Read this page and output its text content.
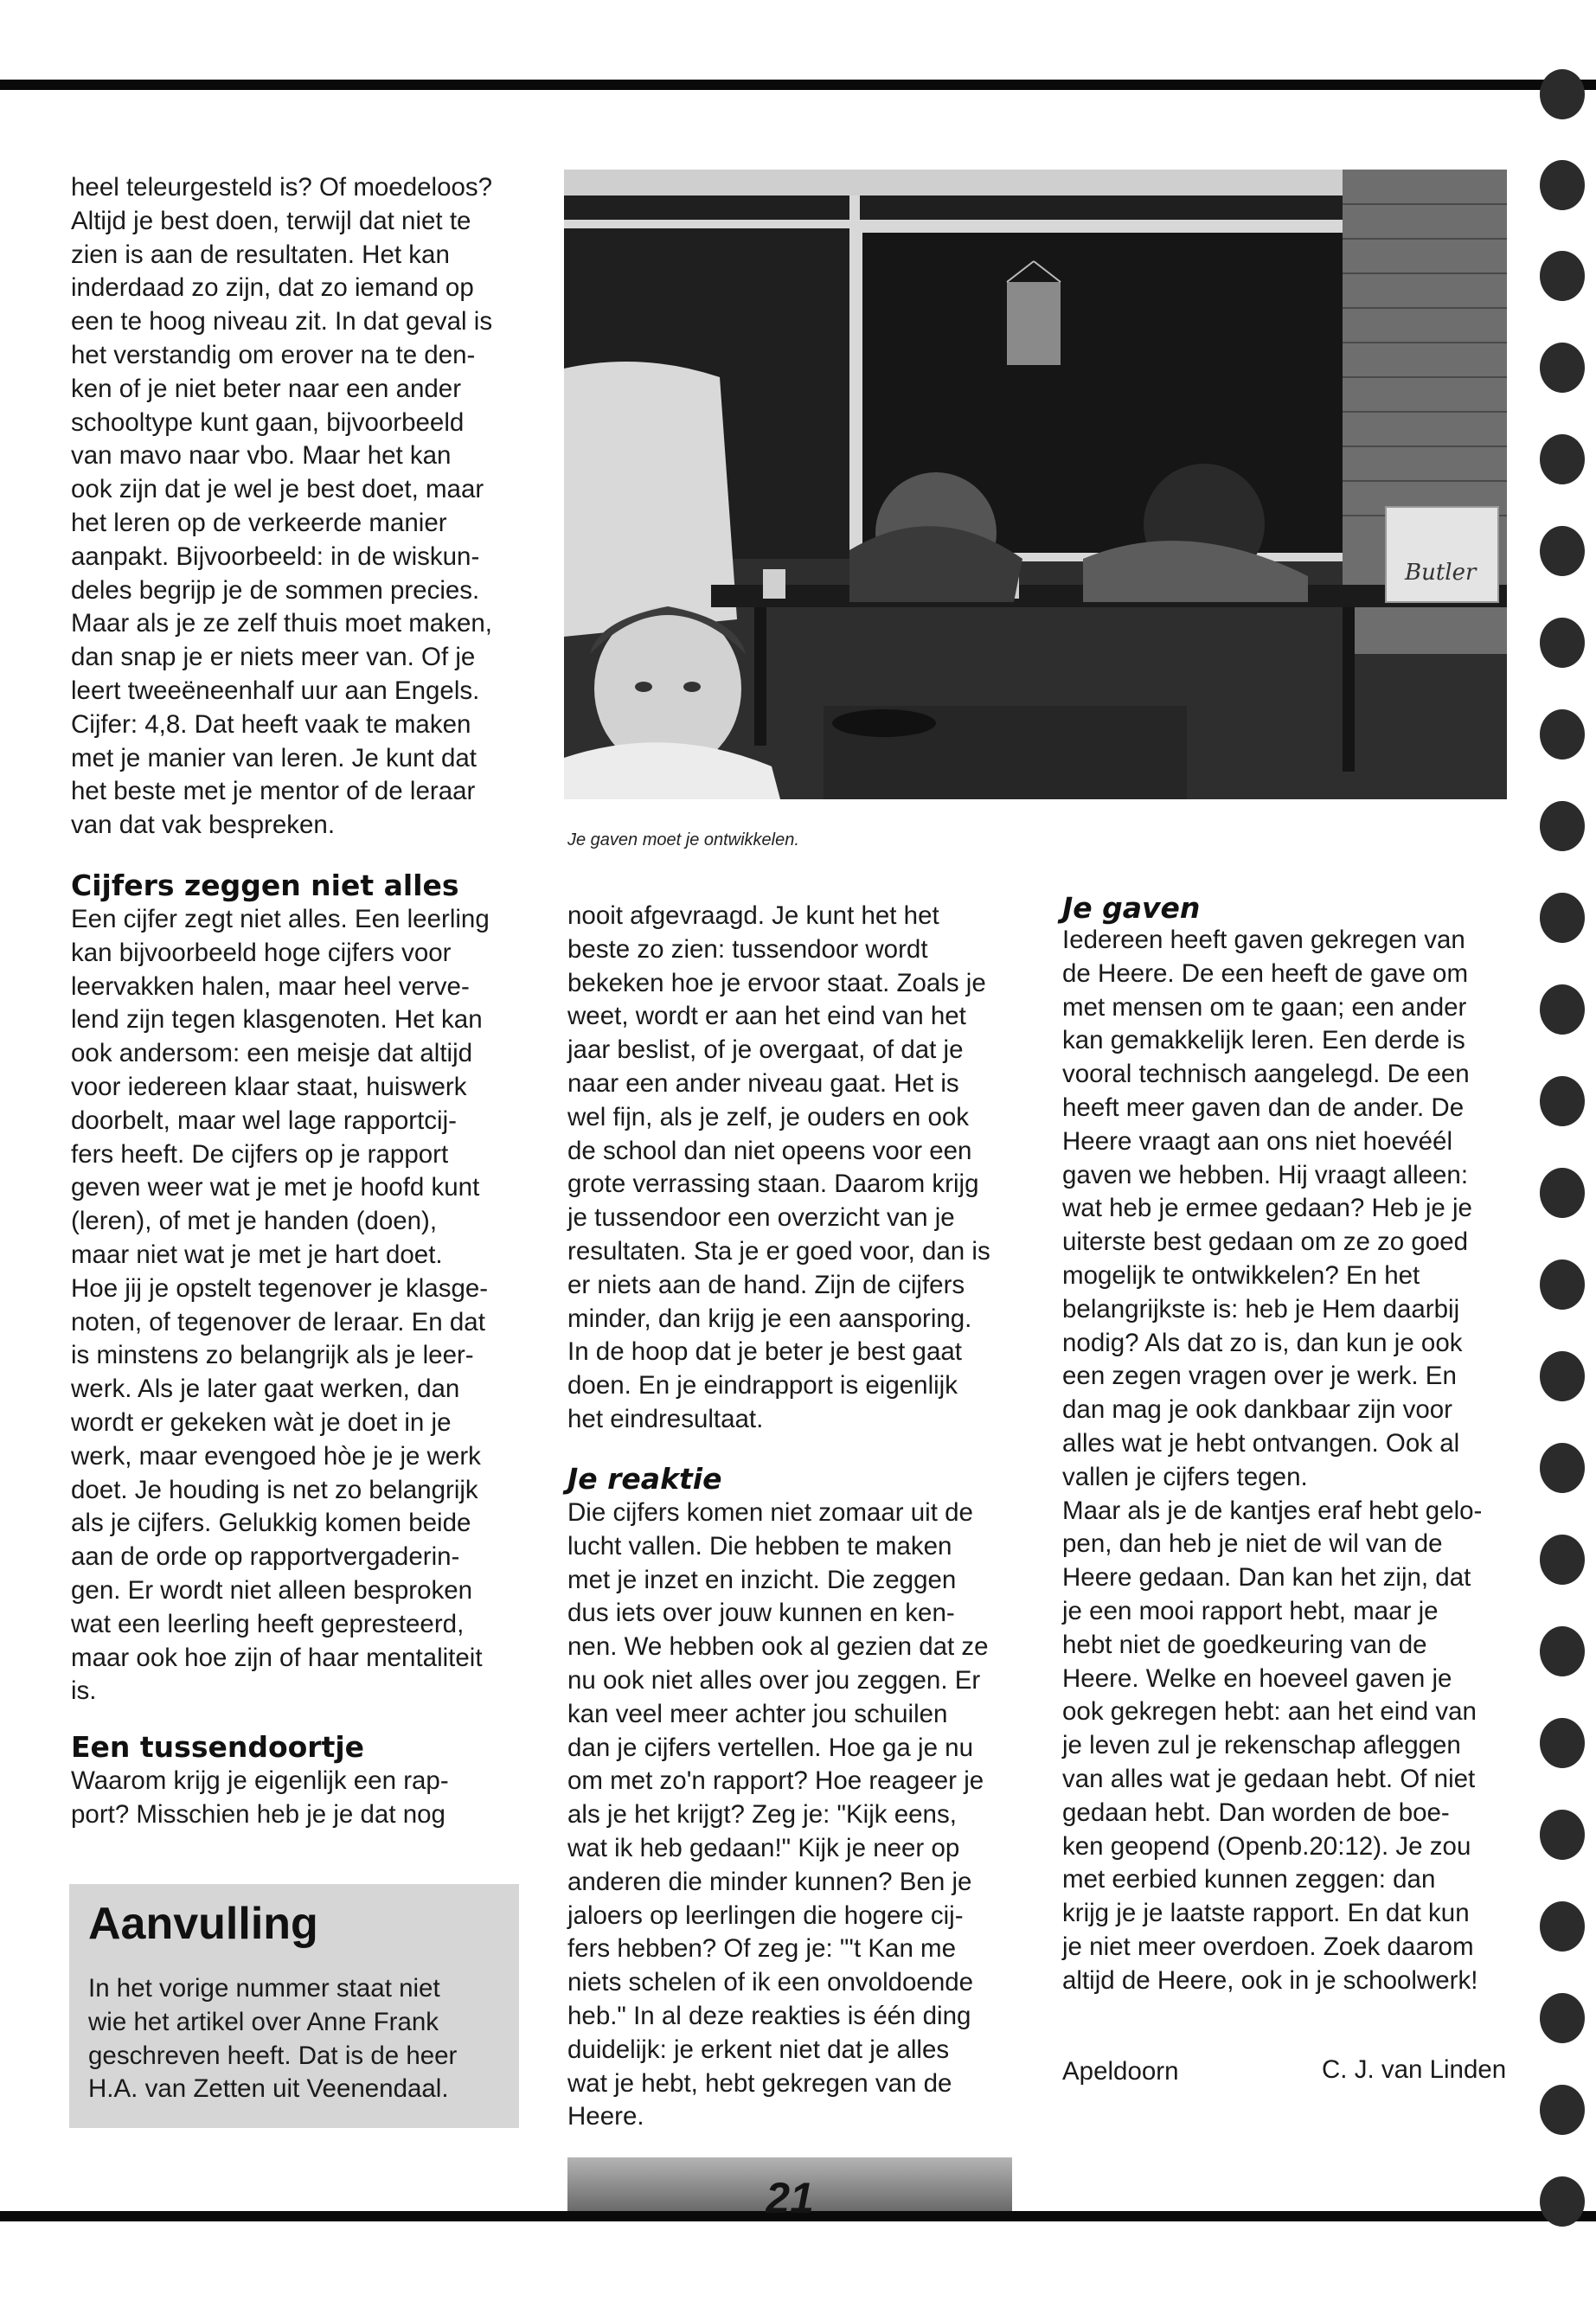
heel teleurgesteld is? Of moedeloos?
Altijd je best doen, terwijl dat niet te
zien is aan de resultaten. Het kan
inderdaad zo zijn, dat zo iemand op
een te hoog niveau zit. In dat geval is
het verstandig om erover na te den-
ken of je niet beter naar een ander
schooltype kunt gaan, bijvoorbeeld
van mavo naar vbo. Maar het kan
ook zijn dat je wel je best doet, maar
het leren op de verkeerde manier
aanpakt. Bijvoorbeeld: in de wiskun-
deles begrijp je de sommen precies.
Maar als je ze zelf thuis moet maken,
dan snap je er niets meer van. Of je
leert tweeëneenhalf uur aan Engels.
Cijfer: 4,8. Dat heeft vaak te maken
met je manier van leren. Je kunt dat
het beste met je mentor of de leraar
van dat vak bespreken.
Cijfers zeggen niet alles
Een cijfer zegt niet alles. Een leerling
kan bijvoorbeeld hoge cijfers voor
leervakken halen, maar heel verve-
lend zijn tegen klasgenoten. Het kan
ook andersom: een meisje dat altijd
voor iedereen klaar staat, huiswerk
doorbelt, maar wel lage rapportcij-
fers heeft. De cijfers op je rapport
geven weer wat je met je hoofd kunt
(leren), of met je handen (doen),
maar niet wat je met je hart doet.
Hoe jij je opstelt tegenover je klasge-
noten, of tegenover de leraar. En dat
is minstens zo belangrijk als je leer-
werk. Als je later gaat werken, dan
wordt er gekeken wàt je doet in je
werk, maar evengoed hòe je je werk
doet. Je houding is net zo belangrijk
als je cijfers. Gelukkig komen beide
aan de orde op rapportvergaderin-
gen. Er wordt niet alleen besproken
wat een leerling heeft gepresteerd,
maar ook hoe zijn of haar mentaliteit
is.
Een tussendoortje
Waarom krijg je eigenlijk een rap-
port? Misschien heb je je dat nog
Aanvulling
In het vorige nummer staat niet
wie het artikel over Anne Frank
geschreven heeft. Dat is de heer
H.A. van Zetten uit Veenendaal.
Butler
Je gaven moet je ontwikkelen.
nooit afgevraagd. Je kunt het het
beste zo zien: tussendoor wordt
bekeken hoe je ervoor staat. Zoals je
weet, wordt er aan het eind van het
jaar beslist, of je overgaat, of dat je
naar een ander niveau gaat. Het is
wel fijn, als je zelf, je ouders en ook
de school dan niet opeens voor een
grote verrassing staan. Daarom krijg
je tussendoor een overzicht van je
resultaten. Sta je er goed voor, dan is
er niets aan de hand. Zijn de cijfers
minder, dan krijg je een aansporing.
In de hoop dat je beter je best gaat
doen. En je eindrapport is eigenlijk
het eindresultaat.
Je reaktie
Die cijfers komen niet zomaar uit de
lucht vallen. Die hebben te maken
met je inzet en inzicht. Die zeggen
dus iets over jouw kunnen en ken-
nen. We hebben ook al gezien dat ze
nu ook niet alles over jou zeggen. Er
kan veel meer achter jou schuilen
dan je cijfers vertellen. Hoe ga je nu
om met zo'n rapport? Hoe reageer je
als je het krijgt? Zeg je: "Kijk eens,
wat ik heb gedaan!" Kijk je neer op
anderen die minder kunnen? Ben je
jaloers op leerlingen die hogere cij-
fers hebben? Of zeg je: "'t Kan me
niets schelen of ik een onvoldoende
heb." In al deze reakties is één ding
duidelijk: je erkent niet dat je alles
wat je hebt, hebt gekregen van de
Heere.
Je gaven
Iedereen heeft gaven gekregen van
de Heere. De een heeft de gave om
met mensen om te gaan; een ander
kan gemakkelijk leren. Een derde is
vooral technisch aangelegd. De een
heeft meer gaven dan de ander. De
Heere vraagt aan ons niet hoevéél
gaven we hebben. Hij vraagt alleen:
wat heb je ermee gedaan? Heb je je
uiterste best gedaan om ze zo goed
mogelijk te ontwikkelen? En het
belangrijkste is: heb je Hem daarbij
nodig? Als dat zo is, dan kun je ook
een zegen vragen over je werk. En
dan mag je ook dankbaar zijn voor
alles wat je hebt ontvangen. Ook al
vallen je cijfers tegen.
Maar als je de kantjes eraf hebt gelo-
pen, dan heb je niet de wil van de
Heere gedaan. Dan kan het zijn, dat
je een mooi rapport hebt, maar je
hebt niet de goedkeuring van de
Heere. Welke en hoeveel gaven je
ook gekregen hebt: aan het eind van
je leven zul je rekenschap afleggen
van alles wat je gedaan hebt. Of niet
gedaan hebt. Dan worden de boe-
ken geopend (Openb.20:12). Je zou
met eerbied kunnen zeggen: dan
krijg je je laatste rapport. En dat kun
je niet meer overdoen. Zoek daarom
altijd de Heere, ook in je schoolwerk!
Apeldoorn	C. J. van Linden
21
